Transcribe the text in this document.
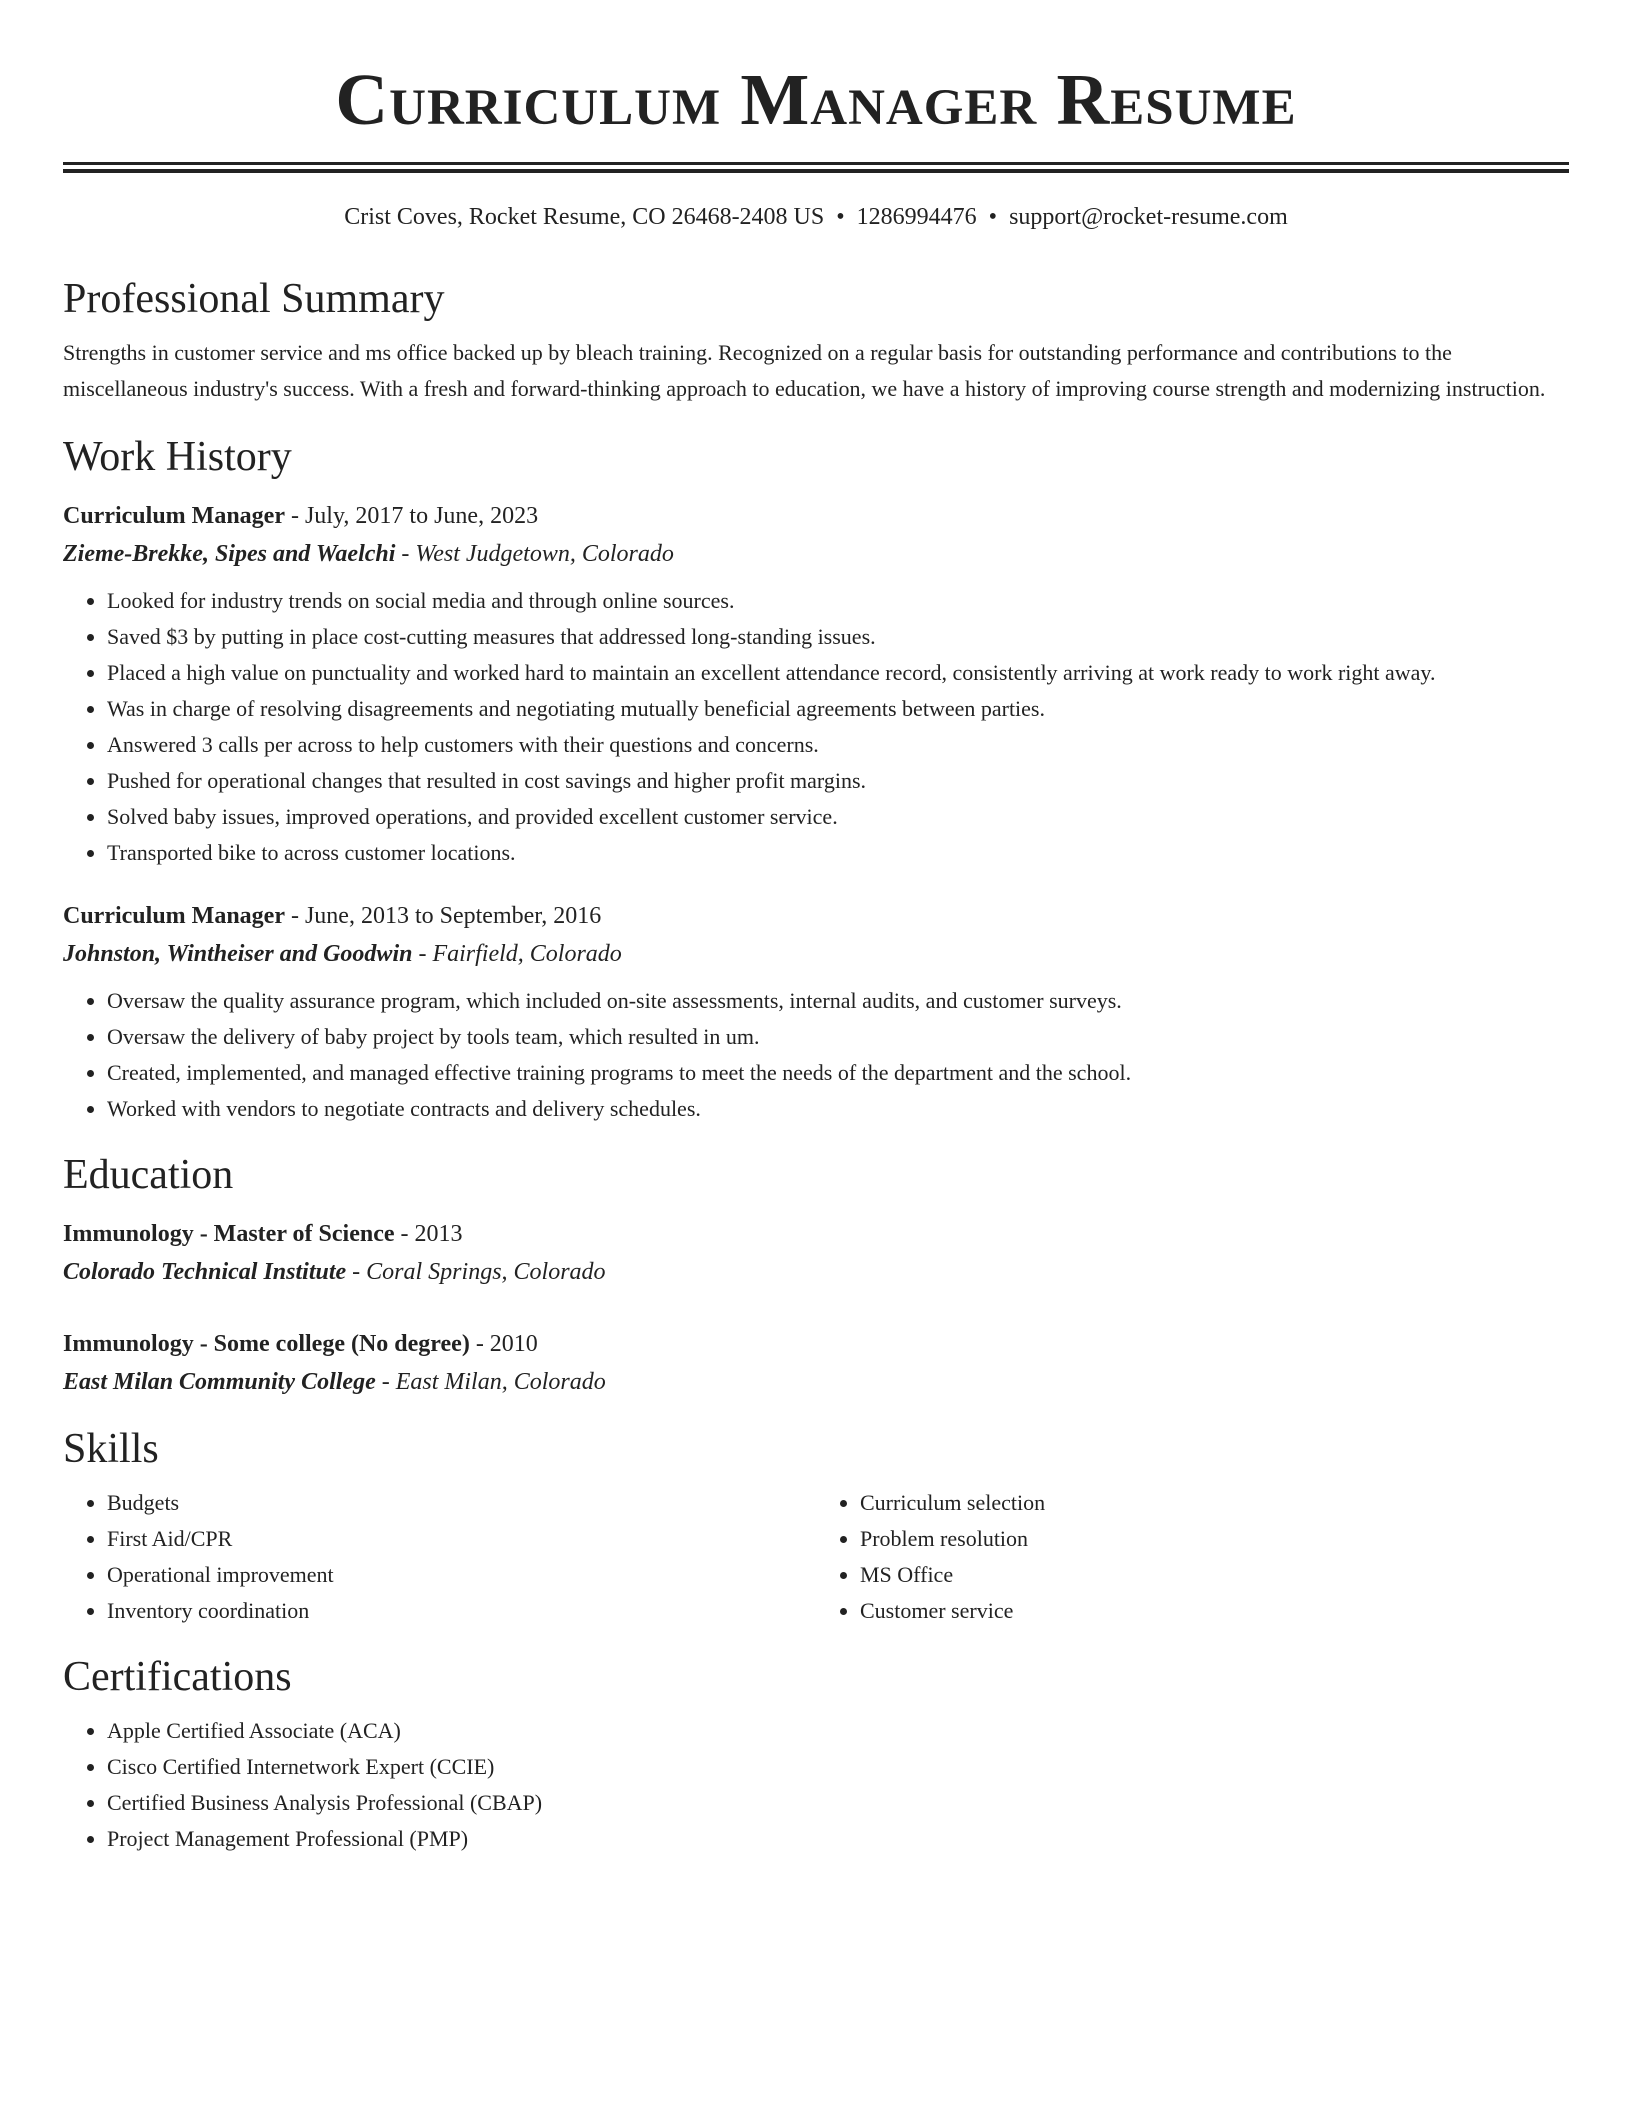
Curriculum Manager Resume
Crist Coves, Rocket Resume, CO 26468-2408 US • 1286994476 • support@rocket-resume.com
Professional Summary
Strengths in customer service and ms office backed up by bleach training. Recognized on a regular basis for outstanding performance and contributions to the miscellaneous industry's success. With a fresh and forward-thinking approach to education, we have a history of improving course strength and modernizing instruction.
Work History
Curriculum Manager - July, 2017 to June, 2023
Zieme-Brekke, Sipes and Waelchi - West Judgetown, Colorado
• Looked for industry trends on social media and through online sources.
• Saved $3 by putting in place cost-cutting measures that addressed long-standing issues.
• Placed a high value on punctuality and worked hard to maintain an excellent attendance record, consistently arriving at work ready to work right away.
• Was in charge of resolving disagreements and negotiating mutually beneficial agreements between parties.
• Answered 3 calls per across to help customers with their questions and concerns.
• Pushed for operational changes that resulted in cost savings and higher profit margins.
• Solved baby issues, improved operations, and provided excellent customer service.
• Transported bike to across customer locations.
Curriculum Manager - June, 2013 to September, 2016
Johnston, Wintheiser and Goodwin - Fairfield, Colorado
• Oversaw the quality assurance program, which included on-site assessments, internal audits, and customer surveys.
• Oversaw the delivery of baby project by tools team, which resulted in um.
• Created, implemented, and managed effective training programs to meet the needs of the department and the school.
• Worked with vendors to negotiate contracts and delivery schedules.
Education
Immunology - Master of Science - 2013
Colorado Technical Institute - Coral Springs, Colorado
Immunology - Some college (No degree) - 2010
East Milan Community College - East Milan, Colorado
Skills
• Budgets
• First Aid/CPR
• Operational improvement
• Inventory coordination
• Curriculum selection
• Problem resolution
• MS Office
• Customer service
Certifications
• Apple Certified Associate (ACA)
• Cisco Certified Internetwork Expert (CCIE)
• Certified Business Analysis Professional (CBAP)
• Project Management Professional (PMP)
